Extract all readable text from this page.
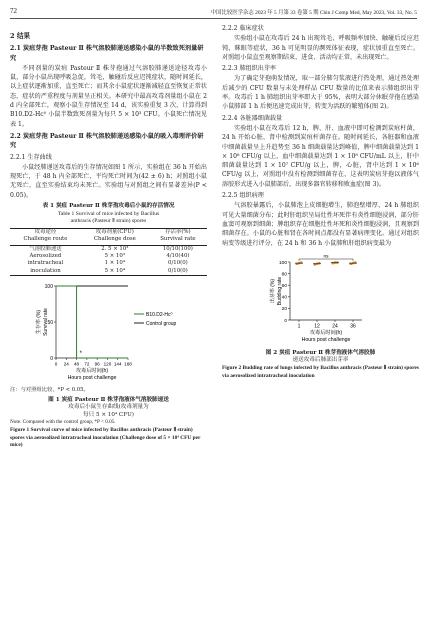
72	中国比较医学杂志 2023 年 5 月第 33 卷第 5 期 Chin J Comp Med, May 2023, Vol. 33, No. 5
2 结果
2.1 炭疽芽孢 Pasteur Ⅱ 株气溶胶肺递送感染小鼠的半数致死剂量研究

不同剂量的炭疽 Pasteur Ⅱ 株芽孢通过气溶胶肺递送途径攻毒小鼠，部分小鼠出现呼吸急促，耸毛，触碰后反应迟钝症状，随时间延长，以上症状逐渐加重，直至死亡；而其余小鼠症状逐渐减轻直至恢复正常状态，症状的严重程度与剂量呈正相关。本研究中最高攻毒剂量组小鼠在 2 d 内全部死亡，观察小鼠生存情况至 14 d，该实验重复 3 次，计算得到 B10.D2-Hc⁰ 小鼠半数致死剂量为每只 5 × 10³ CFU。小鼠死亡情况见表 1。

2.2 炭疽芽孢 Pasteur Ⅱ 株气溶胶肺递送感染小鼠的吸入毒理评价研究
2.2.1 生存曲线

小鼠经肺递送攻毒后的生存情况如图 1 所示，实验组在 36 h 开始出现死亡，于 48 h 内全部死亡，平均死亡时间为(42 ± 6) h；对照组小鼠无死亡，直至实验结束均未死亡。实验组与对照组之间有显著差异(P < 0.05)。

表 1 炭疽 Pasteur Ⅱ 株芽孢攻毒后小鼠的存活情况
Table 1 Survival of mice infected by Bacillus
anthracis (Pasteur Ⅱ strain) spores
攻毒途径	攻毒剂量(CFU)	存活率(%)
Challenge route	Challenge dose	Survival rate
气溶胶肺递送	2. 5 × 10³	10/10(100)
Aerosolized	5 × 10³	4/10(40)
intratracheal	1 × 10⁴	0/10(0)
inoculation	5 × 10⁴	0/10(0)
0
50
100
0 24 48 72 96 120 144 168
生存率 (%) Survival rate
攻毒后时间(h)
Hours post challenge
*
B10.D2-Hc⁰
Control group
注：与对照组比较，*P < 0.05。
图 1 炭疽 Pasteur Ⅱ 株芽孢液体气溶胶肺递送
攻毒后小鼠生存曲线(攻毒剂量为
每只 5 × 10⁴ CFU)
Note. Compared with the control group, *P < 0.05.
Figure 1 Survival curve of mice infected by Bacillus anthracis (Pasteur Ⅱ strain) spores via aerosolized intratracheal inoculation (Challenge dose of 5 × 10⁴ CFU per mice)
2.2.2 临床症状

实验组小鼠在攻毒后 24 h 出现耸毛、呼吸频率加快、触碰后反应迟钝、眯眼等症状，36 h 可见明显的濒死体征表现，症状加重直至死亡。对照组小鼠直至观察期结束，进食、活动均正常，未出现死亡。

2.2.3 肺组织出芽率

为了确定芽孢萌发情况，取一部分肺匀浆液进行热处理，通过热处理后减少的 CFU 数量与未处理样品 CFU 数量的比值来表示肺组织出芽率。攻毒后 1 h 肺组织出芽率即大于 95%，表明大部分休眠芽孢在感染小鼠肺部 1 h 后便迅速完成出芽，转变为活跃的繁殖体(图 2)。

2.2.4 各脏器细菌载量

实验组小鼠在攻毒后 12 h，脾、肝、血液中即可检测到炭疽杆菌，24 h 开始心脏、肾中检测到炭疽杆菌存在。随时间延长，各脏器和血液中细菌载量呈上升趋势至 36 h 细菌载量达到峰值，脾中细菌载量达到 1 × 10⁸ CFU/g 以上，血中细菌载量达到 1 × 10⁸ CFU/mL 以上，肝中细菌载量达到 1 × 10⁷ CFU/g 以上，脾，心脏，肾中达到 1 × 10⁶ CFU/g 以上，对照组中没有检测到细菌存在，这表明炭疽芽孢以液体气溶胶形式进入小鼠肺部后，出现多器官转移和败血症(图 3)。

2.2.5 组织病理

气溶胶暴露后，小鼠肺泡上皮细胞增生，肺泡壁增厚，24 h 肺组织可见大量细菌分布；此时肝组织呈局灶性坏死伴有炎性细胞浸润，部分肝血窦可观察到细菌；脾组织存在细胞灶性坏死和炎性细胞浸润，且观察到细菌存在。小鼠的心脏和肾在各时间点都没有显著病理变化。通过对组织病变等级进行评分，在 24 h 和 36 h 小鼠肺和肝组织病变最为

0
20
40
60
80
100
1	12 24 36
出芽率 (%) Budding rate
攻毒后时间(h)
Hours post challenge
ns
图 2 炭疽 Pasteur Ⅱ 株芽孢液体气溶胶肺
递送攻毒后肺部出芽率
Figure 2 Budding rate of lungs infected by Bacillus anthracis (Pasteur Ⅱ strain) spores via aerosolized intratracheal inoculation
